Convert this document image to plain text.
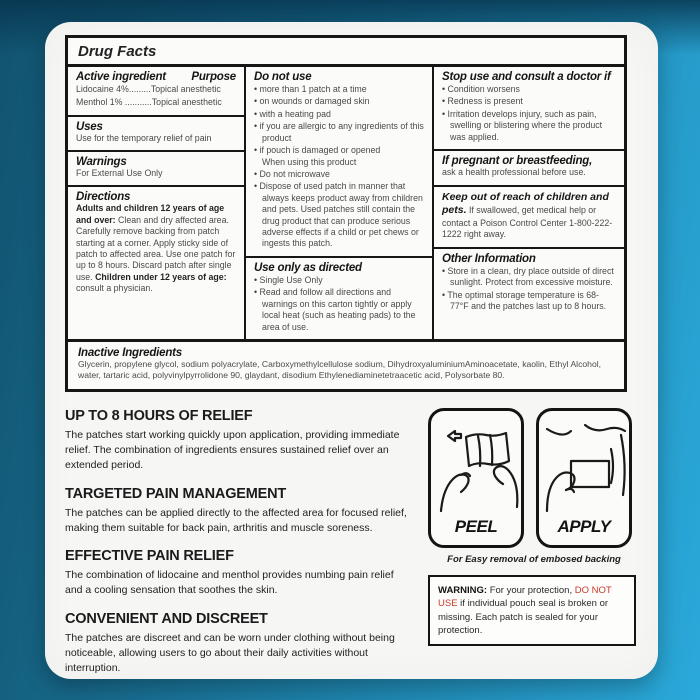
Drug Facts
Active ingredient Purpose
Lidocaine 4%.........Topical anesthetic
Menthol 1% ...........Topical anesthetic
Uses
Use for the temporary relief of pain
Warnings
For External Use Only
Directions

Adults and children 12 years of age and over: Clean and dry affected area. Carefully remove backing from patch starting at a corner. Apply sticky side of patch to affected area. Use one patch for up to 8 hours. Discard patch after single use. Children under 12 years of age: consult a physician.

Do not use
• more than 1 patch at a time
• on wounds or damaged skin
• with a heating pad
• if you are allergic to any ingredients of this product
• if pouch is damaged or opened
When using this product
• Do not microwave
• Dispose of used patch in manner that always keeps product away from children and pets. Used patches still contain the drug product that can produce serious adverse effects if a child or pet chews or ingests this patch.
Use only as directed
• Single Use Only
• Read and follow all directions and warnings on this carton tightly or apply local heat (such as heating pads) to the area of use.
Stop use and consult a doctor if
• Condition worsens
• Redness is present
• Irritation develops injury, such as pain, swelling or blistering where the product was applied.
If pregnant or breastfeeding,
ask a health professional before use.

Keep out of reach of children and pets. If swallowed, get medical help or contact a Poison Control Center 1-800-222-1222 right away.

Other Information
• Store in a clean, dry place outside of direct sunlight. Protect from excessive moisture.
• The optimal storage temperature is 68-77°F and the patches last up to 8 hours.
Inactive Ingredients
Glycerin, propylene glycol, sodium polyacrylate, Carboxymethylcellulose sodium, DihydroxyaluminiumAminoacetate, kaolin, Ethyl Alcohol, water, tartaric acid, polyvinylpyrrolidone 90, glaydant, disodium Ethylenediaminetetraacetic acid, Polysorbate 80.
UP TO 8 HOURS OF RELIEF

The patches start working quickly upon application, providing immediate relief. The combination of ingredients ensures sustained relief over an extended period.

TARGETED PAIN MANAGEMENT

The patches can be applied directly to the affected area for focused relief, making them suitable for back pain, arthritis and muscle soreness.

EFFECTIVE PAIN RELIEF

The combination of lidocaine and menthol provides numbing pain relief and a cooling sensation that soothes the skin.

CONVENIENT AND DISCREET

The patches are discreet and can be worn under clothing without being noticeable, allowing users to go about their daily activities without interruption.

PEEL	APPLY
For Easy removal of embosed backing
WARNING: For your protection, DO NOT USE if individual pouch seal is broken or missing. Each patch is sealed for your protection.
